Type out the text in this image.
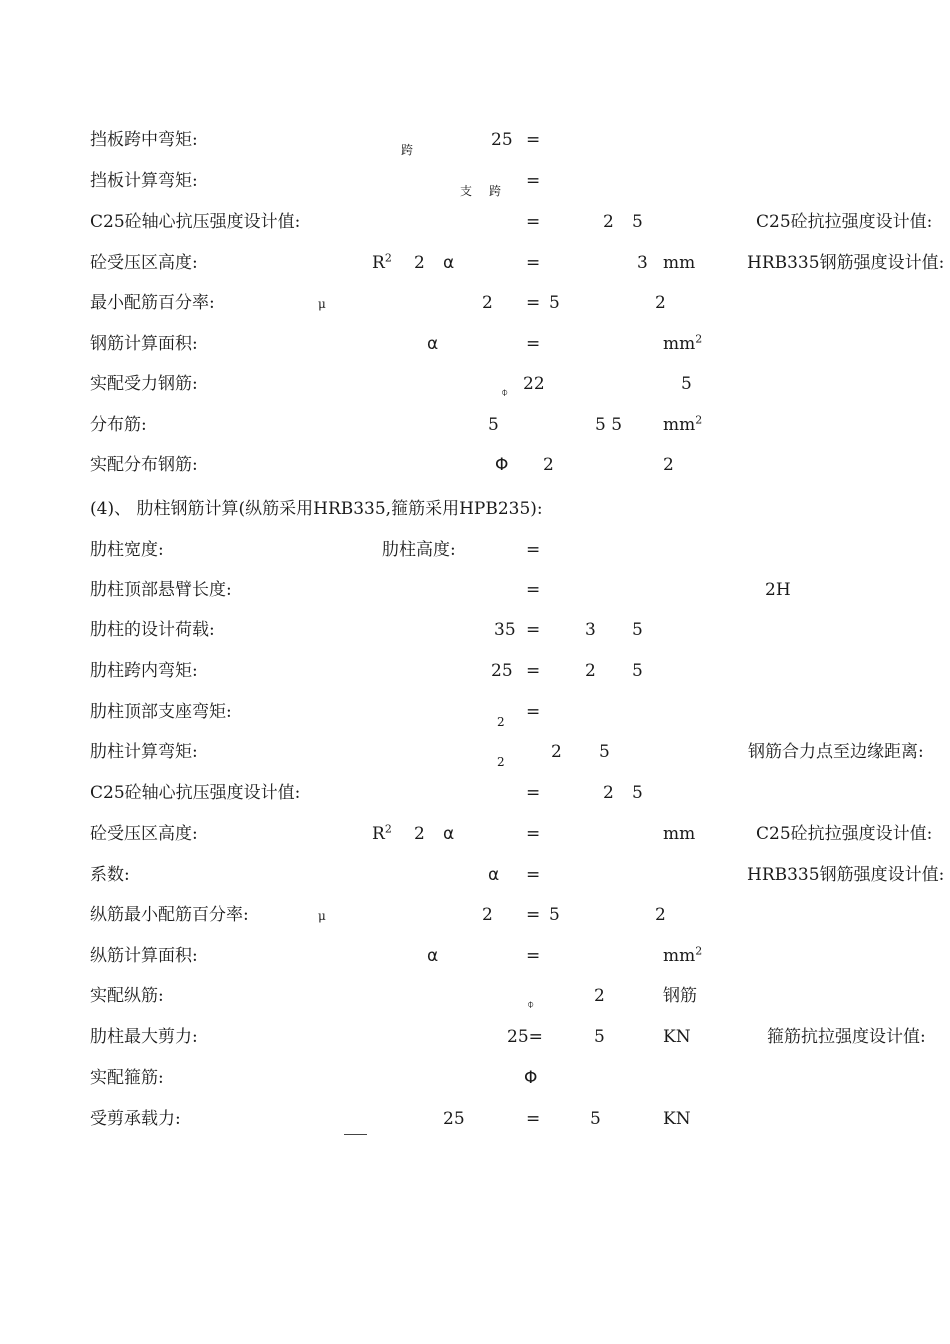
挡板跨中弯矩:	跨	25 =
挡板计算弯矩:	支 跨 =
C25砼轴心抗压强度设计值:	=	2 5	C25砼抗拉强度设计值:
砼受压区高度:	$R^2$ 2 α	=	3 mm	HRB335钢筋强度设计值:
最小配筋百分率:	μ	2 = 5	2
钢筋计算面积:	α	=	$mm^2$
实配受力钢筋:	⌽ 22	5
分布筋:	5	5 5 $mm^2$
实配分布钢筋:	Φ 2	2
(4)、 肋柱钢筋计算(纵筋采用HRB335,箍筋采用HPB235):
肋柱宽度:	肋柱高度:	=
肋柱顶部悬臂长度:	=	2H
肋柱的设计荷载:	35 =	3 5
肋柱跨内弯矩:	25 =	2 5
肋柱顶部支座弯矩:	2 =
肋柱计算弯矩:	2	2 5	钢筋合力点至边缘距离:
C25砼轴心抗压强度设计值:	=	2 5
砼受压区高度:	$R^2$ 2 α	=	mm	C25砼抗拉强度设计值:
系数:	α =	HRB335钢筋强度设计值:
纵筋最小配筋百分率:	μ	2 = 5	2
纵筋计算面积:	α	=	$mm^2$
实配纵筋:	⌽	2	钢筋
肋柱最大剪力:	25=	5	KN	箍筋抗拉强度设计值:
实配箍筋:	Φ
受剪承载力:	25	=	5	KN
